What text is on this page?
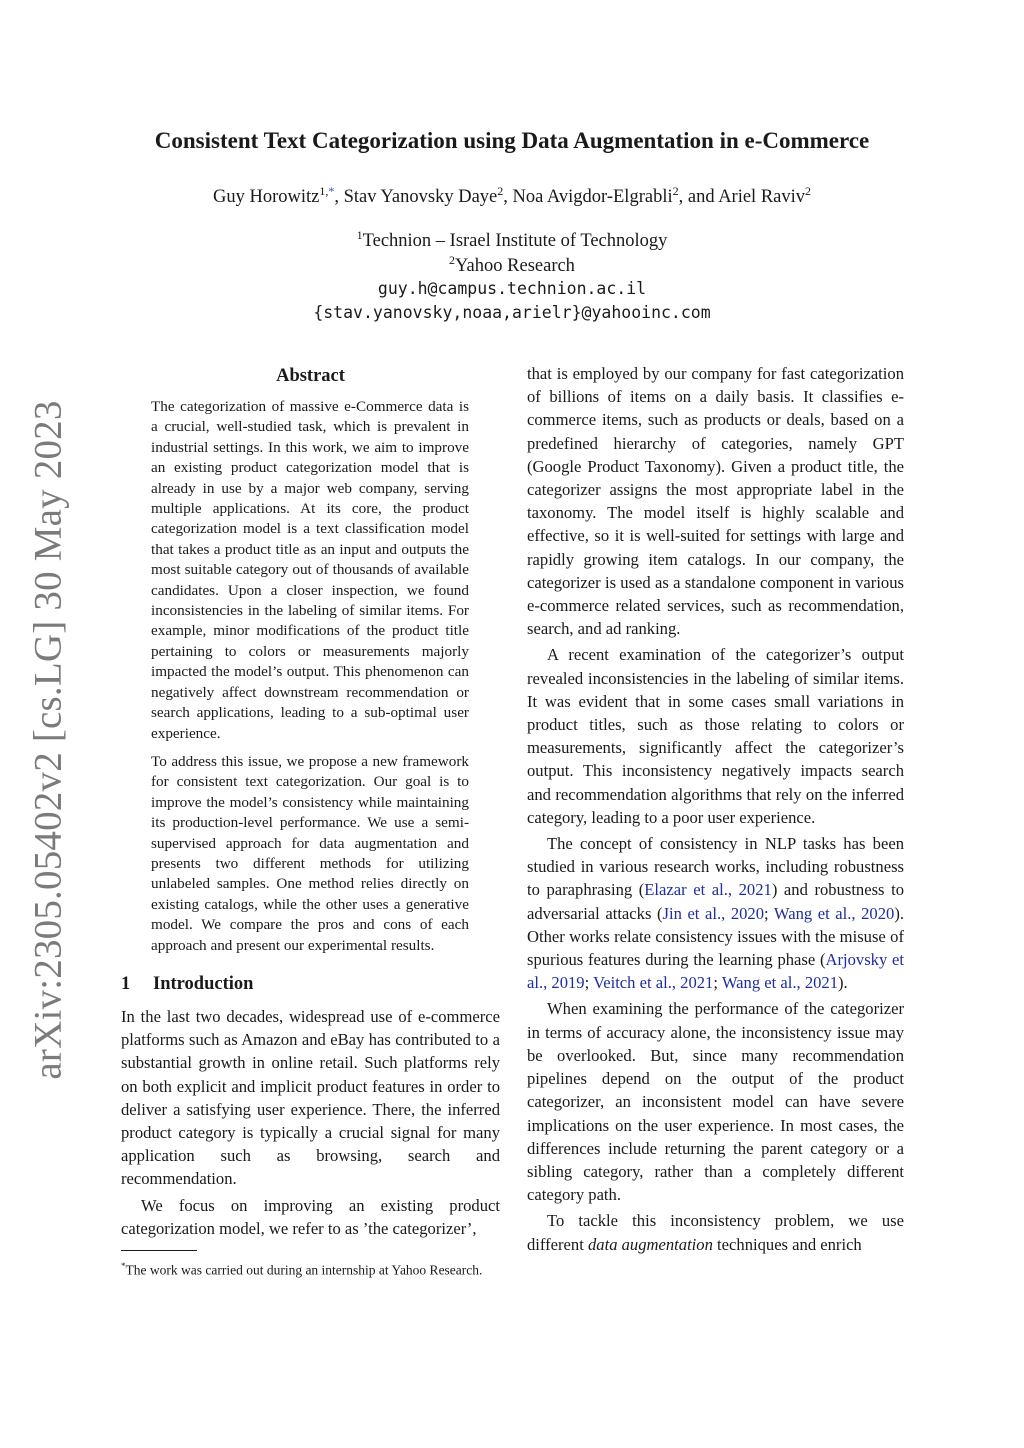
arXiv:2305.05402v2 [cs.LG] 30 May 2023
Consistent Text Categorization using Data Augmentation in e-Commerce
Guy Horowitz$^{1,*}$, Stav Yanovsky Daye$^2$, Noa Avigdor-Elgrabli$^2$, and Ariel Raviv$^2$
$^1$Technion – Israel Institute of Technology
$^2$Yahoo Research
guy.h@campus.technion.ac.il
{stav.yanovsky,noaa,arielr}@yahooinc.com
Abstract

The categorization of massive e-Commerce data is a crucial, well-studied task, which is prevalent in industrial settings. In this work, we aim to improve an existing product categorization model that is already in use by a major web company, serving multiple applications. At its core, the product categorization model is a text classification model that takes a product title as an input and outputs the most suitable category out of thousands of available candidates. Upon a closer inspection, we found inconsistencies in the labeling of similar items. For example, minor modifications of the product title pertaining to colors or measurements majorly impacted the model’s output. This phenomenon can negatively affect downstream recommendation or search applications, leading to a sub-optimal user experience.

To address this issue, we propose a new framework for consistent text categorization. Our goal is to improve the model’s consistency while maintaining its production-level performance. We use a semi-supervised approach for data augmentation and presents two different methods for utilizing unlabeled samples. One method relies directly on existing catalogs, while the other uses a generative model. We compare the pros and cons of each approach and present our experimental results.

1 Introduction

In the last two decades, widespread use of e-commerce platforms such as Amazon and eBay has contributed to a substantial growth in online retail. Such platforms rely on both explicit and implicit product features in order to deliver a satisfying user experience. There, the inferred product category is typically a crucial signal for many application such as browsing, search and recommendation.

We focus on improving an existing product categorization model, we refer to as ’the categorizer’,

*The work was carried out during an internship at Yahoo Research.

that is employed by our company for fast categorization of billions of items on a daily basis. It classifies e-commerce items, such as products or deals, based on a predefined hierarchy of categories, namely GPT (Google Product Taxonomy). Given a product title, the categorizer assigns the most appropriate label in the taxonomy. The model itself is highly scalable and effective, so it is well-suited for settings with large and rapidly growing item catalogs. In our company, the categorizer is used as a standalone component in various e-commerce related services, such as recommendation, search, and ad ranking.

A recent examination of the categorizer’s output revealed inconsistencies in the labeling of similar items. It was evident that in some cases small variations in product titles, such as those relating to colors or measurements, significantly affect the categorizer’s output. This inconsistency negatively impacts search and recommendation algorithms that rely on the inferred category, leading to a poor user experience.

The concept of consistency in NLP tasks has been studied in various research works, including robustness to paraphrasing (Elazar et al., 2021) and robustness to adversarial attacks (Jin et al., 2020; Wang et al., 2020). Other works relate consistency issues with the misuse of spurious features during the learning phase (Arjovsky et al., 2019; Veitch et al., 2021; Wang et al., 2021).

When examining the performance of the categorizer in terms of accuracy alone, the inconsistency issue may be overlooked. But, since many recommendation pipelines depend on the output of the product categorizer, an inconsistent model can have severe implications on the user experience. In most cases, the differences include returning the parent category or a sibling category, rather than a completely different category path.

To tackle this inconsistency problem, we use different data augmentation techniques and enrich
